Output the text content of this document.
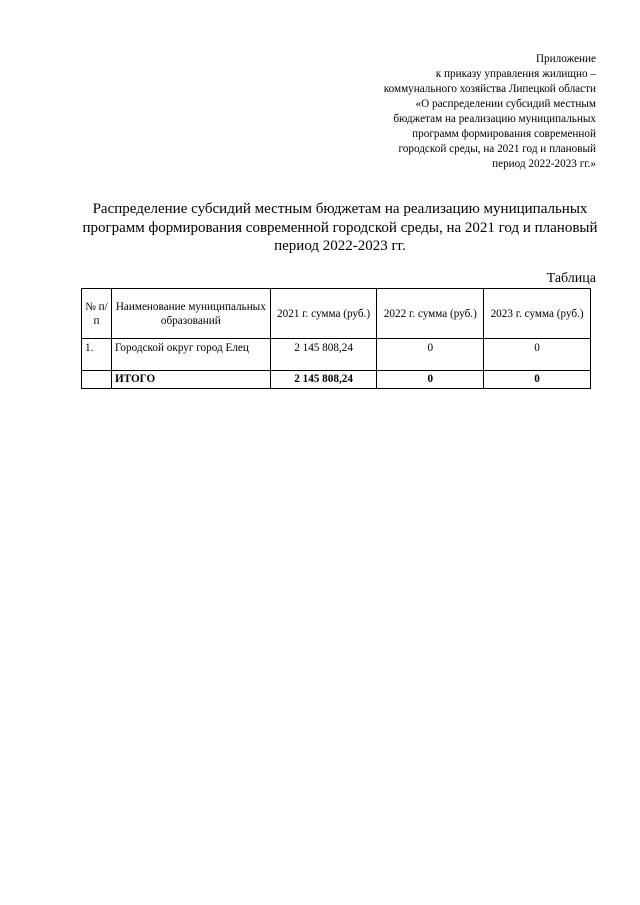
Приложение
к приказу управления жилищно –
коммунального хозяйства Липецкой области
«О распределении субсидий местным
бюджетам на реализацию муниципальных
программ формирования современной
городской среды, на 2021 год и плановый
период 2022-2023 гг.»
Распределение субсидий местным бюджетам на реализацию муниципальных программ формирования современной городской среды, на 2021 год и плановый период 2022-2023 гг.
Таблица
№ п/п	Наименование муниципальных образований	2021 г. сумма (руб.)	2022 г. сумма (руб.)	2023 г. сумма (руб.)
1.	Городской округ город Елец	2 145 808,24	0	0
	ИТОГО	2 145 808,24	0	0
